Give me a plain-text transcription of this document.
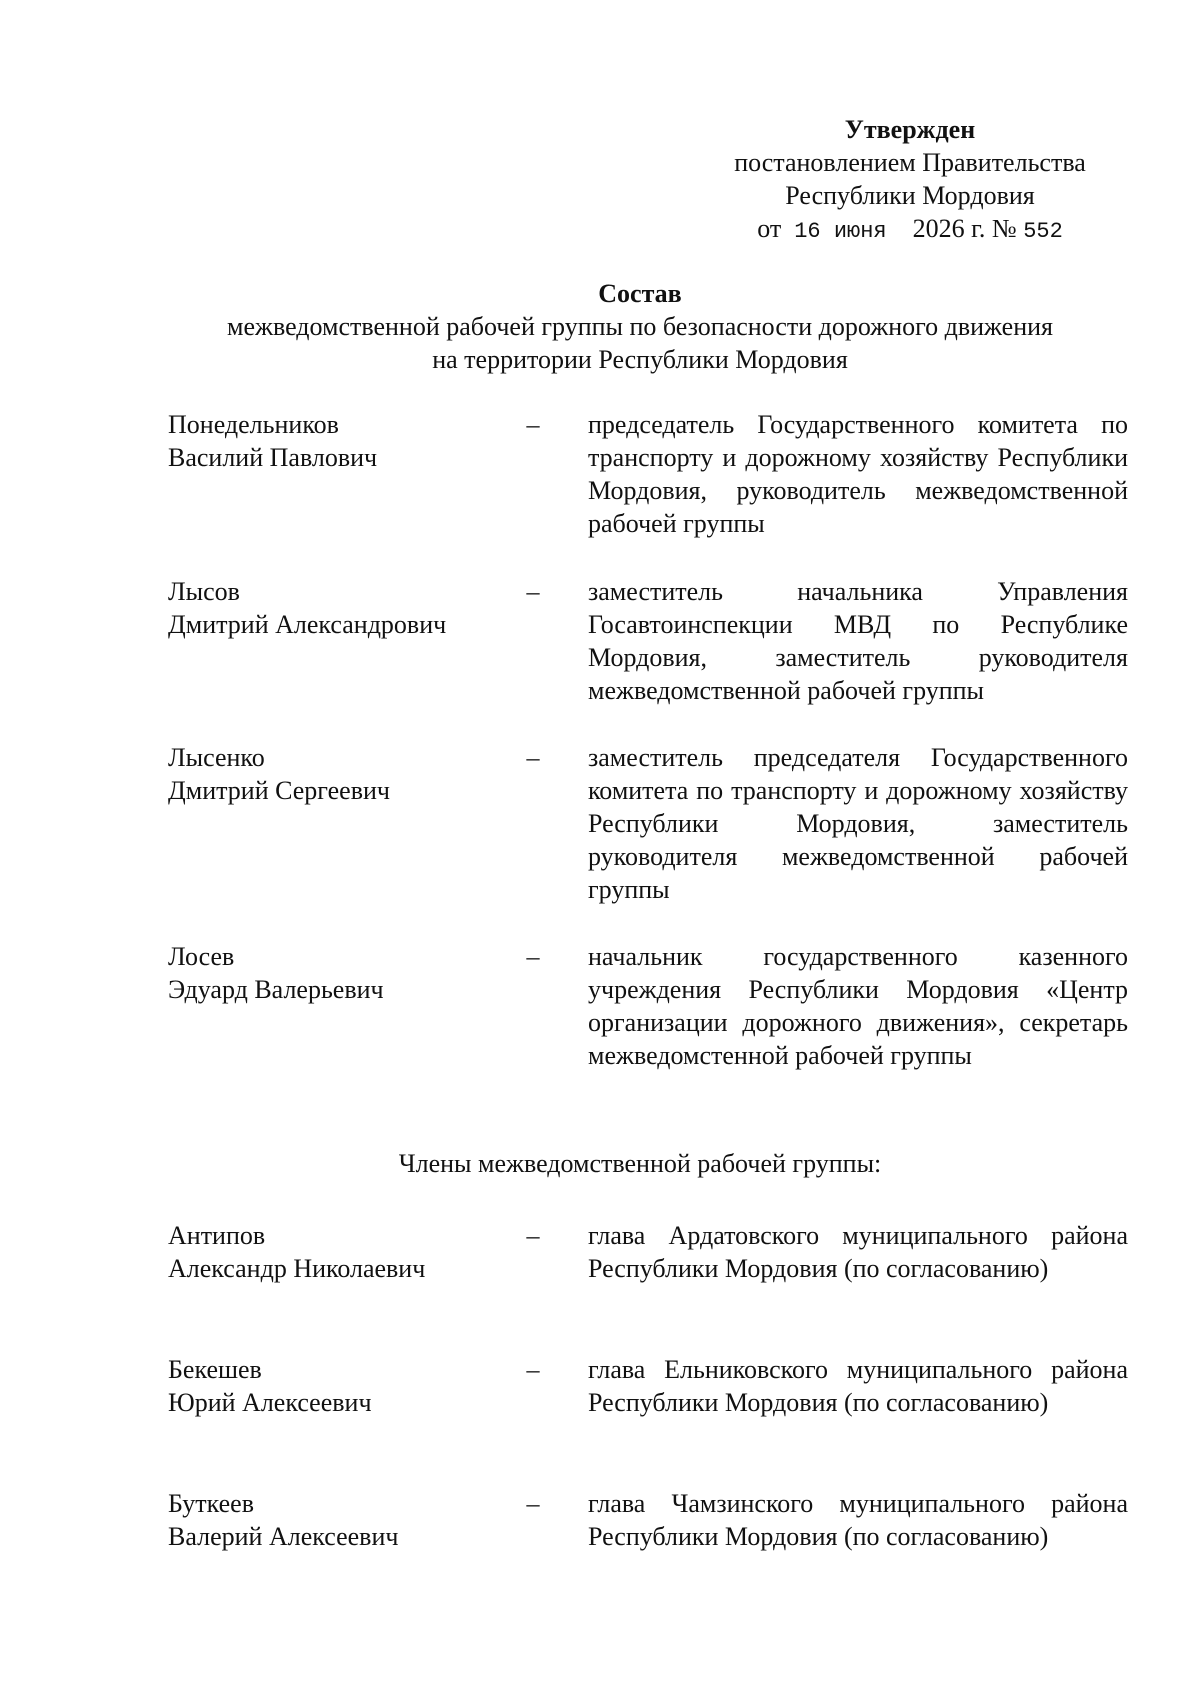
Утвержден
постановлением Правительства
Республики Мордовия
от 16 июня 2026 г. № 552
Состав
межведомственной рабочей группы по безопасности дорожного движения
на территории Республики Мордовия
Понедельников
Василий Павлович
–	председатель Государственного комитета по транспорту и дорожному хозяйству Республики Мордовия, руководитель межведомственной рабочей группы
Лысов
Дмитрий Александрович
–	заместитель начальника Управления Госавтоинспекции МВД по Республике Мордовия, заместитель руководителя межведомственной рабочей группы
Лысенко
Дмитрий Сергеевич
–	заместитель председателя Государственного комитета по транспорту и дорожному хозяйству Республики Мордовия, заместитель руководителя межведомственной рабочей группы
Лосев
Эдуард Валерьевич
–	начальник государственного казенного учреждения Республики Мордовия «Центр организации дорожного движения», секретарь межведомстенной рабочей группы
Члены межведомственной рабочей группы:
Антипов
Александр Николаевич
–	глава Ардатовского муниципального района Республики Мордовия (по согласованию)
Бекешев
Юрий Алексеевич
–	глава Ельниковского муниципального района Республики Мордовия (по согласованию)
Буткеев
Валерий Алексеевич
–	глава Чамзинского муниципального района Республики Мордовия (по согласованию)
